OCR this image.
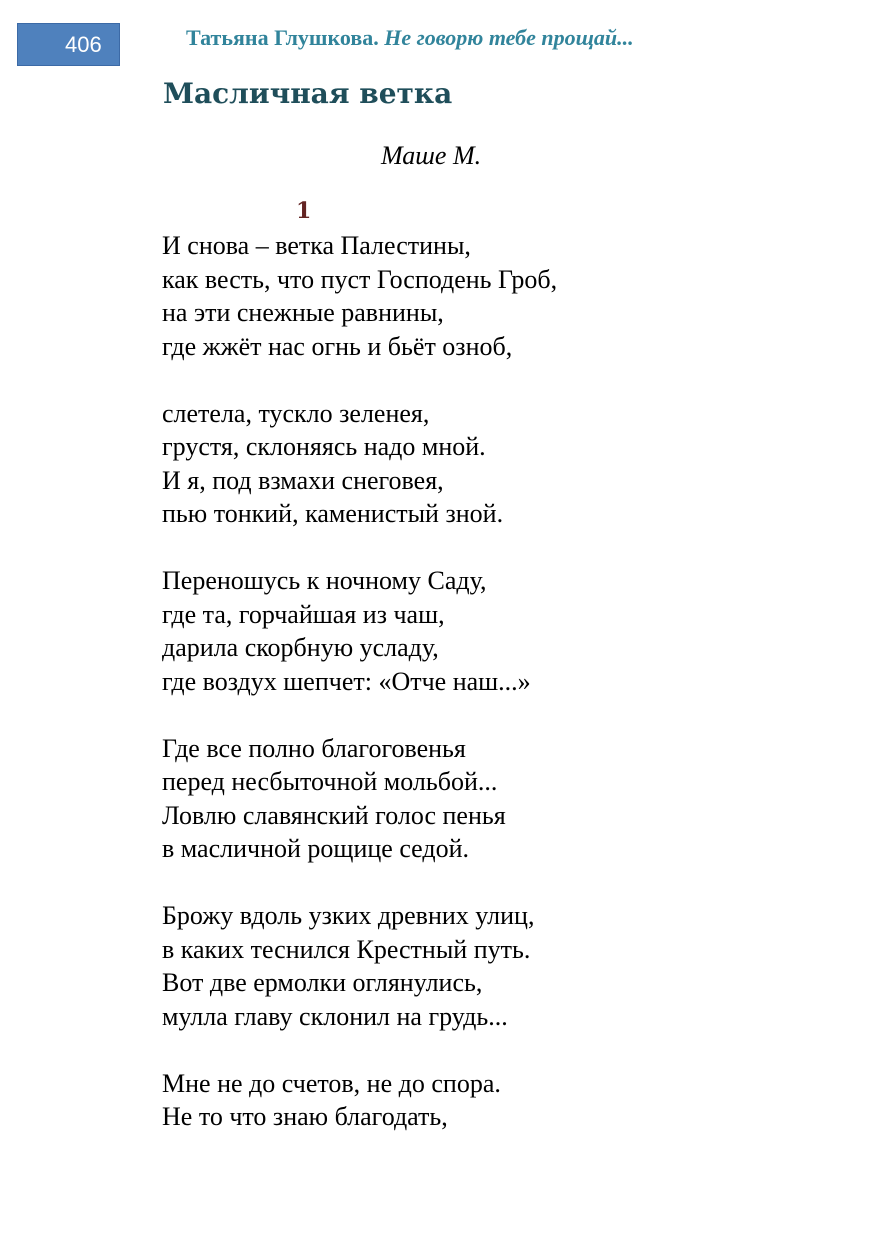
406	Татьяна Глушкова. Не говорю тебе прощай...
Масличная ветка
Маше М.
1
И снова – ветка Палестины,
как весть, что пуст Господень Гроб,
на эти снежные равнины,
где жжёт нас огнь и бьёт озноб,
слетела, тускло зеленея,
грустя, склоняясь надо мной.
И я, под взмахи снеговея,
пью тонкий, каменистый зной.
Переношусь к ночному Саду,
где та, горчайшая из чаш,
дарила скорбную усладу,
где воздух шепчет: «Отче наш...»
Где все полно благоговенья
перед несбыточной мольбой...
Ловлю славянский голос пенья
в масличной рощице седой.
Брожу вдоль узких древних улиц,
в каких теснился Крестный путь.
Вот две ермолки оглянулись,
мулла главу склонил на грудь...
Мне не до счетов, не до спора.
Не то что знаю благодать,
